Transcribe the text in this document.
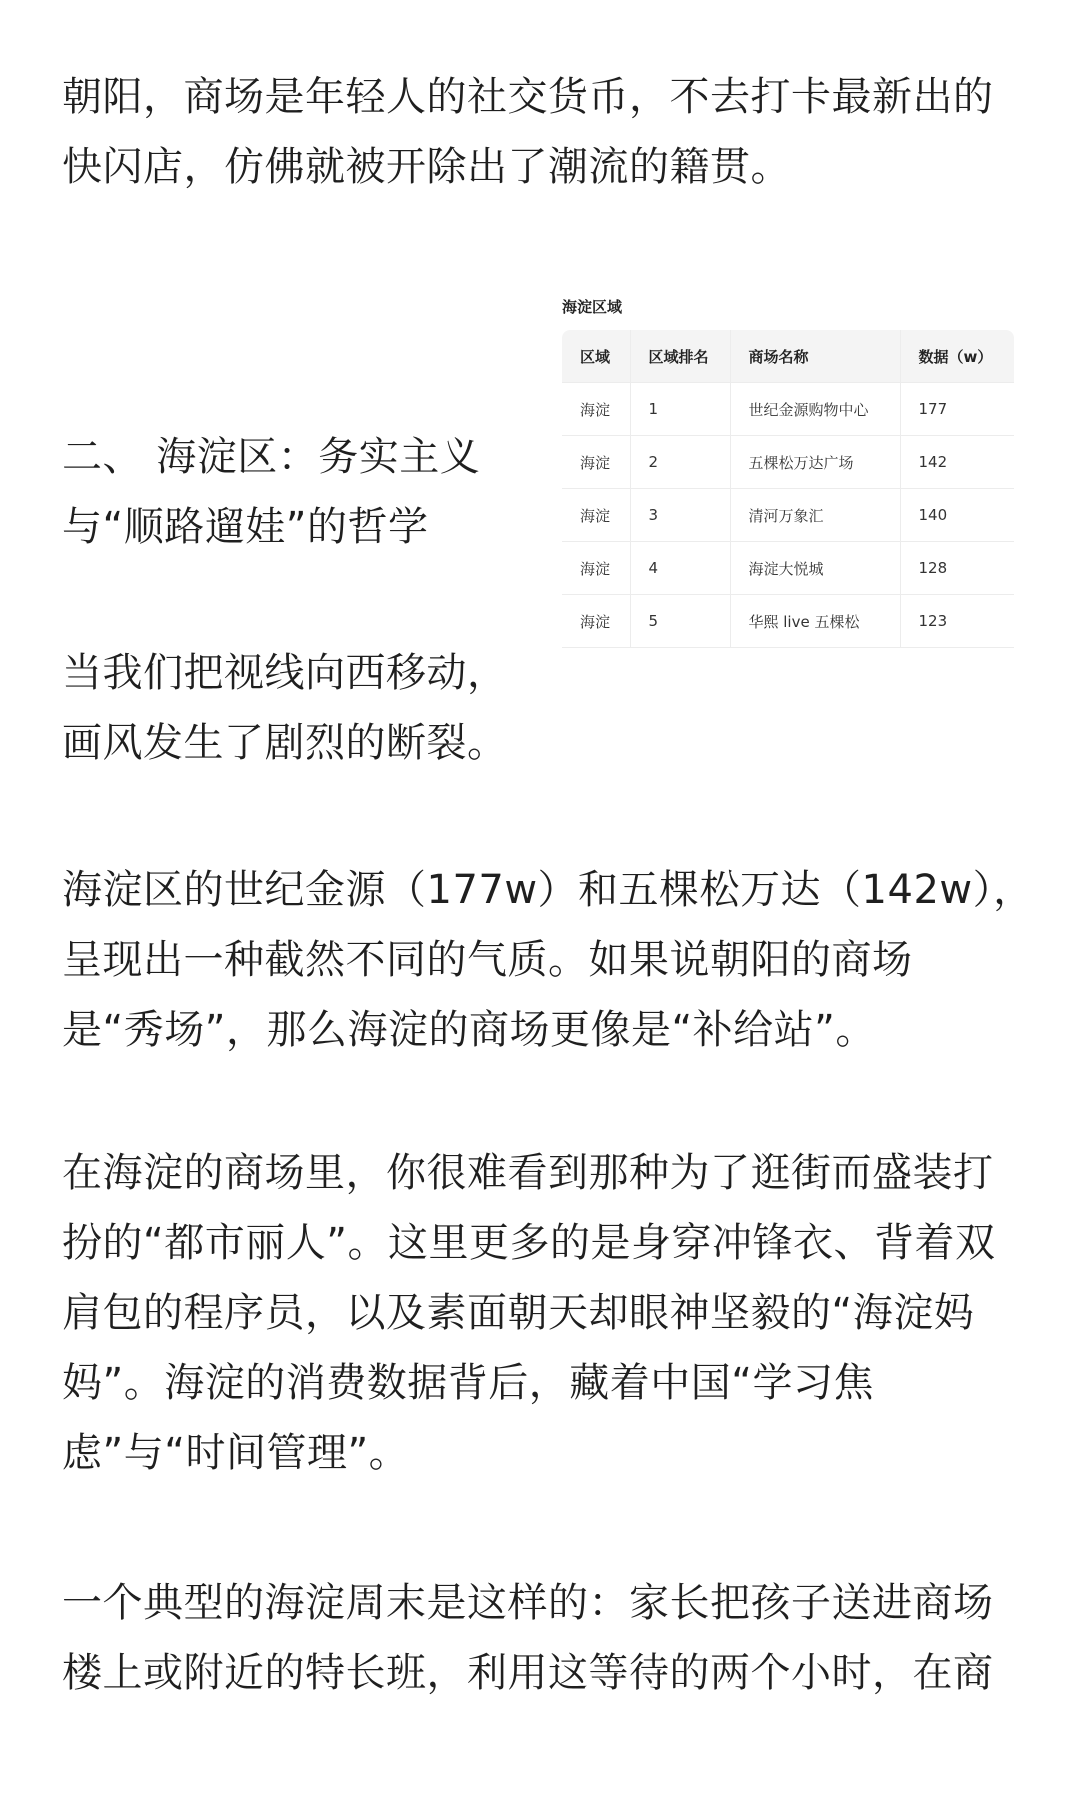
朝阳，商场是年轻人的社交货币，不去打卡最新出的
快闪店，仿佛就被开除出了潮流的籍贯。
二、 海淀区：务实主义
与“顺路遛娃”的哲学
海淀区域
区域	区域排名	商场名称	数据（w）
海淀	1	世纪金源购物中心	177
海淀	2	五棵松万达广场	142
海淀	3	清河万象汇	140
海淀	4	海淀大悦城	128
海淀	5	华熙 live 五棵松	123
当我们把视线向西移动，
画风发生了剧烈的断裂。
海淀区的世纪金源（177w）和五棵松万达（142w），
呈现出一种截然不同的气质。如果说朝阳的商场
是“秀场”，那么海淀的商场更像是“补给站”。
在海淀的商场里，你很难看到那种为了逛街而盛装打
扮的“都市丽人”。这里更多的是身穿冲锋衣、背着双
肩包的程序员，以及素面朝天却眼神坚毅的“海淀妈
妈”。海淀的消费数据背后，藏着中国“学习焦
虑”与“时间管理”。
一个典型的海淀周末是这样的：家长把孩子送进商场
楼上或附近的特长班，利用这等待的两个小时，在商
